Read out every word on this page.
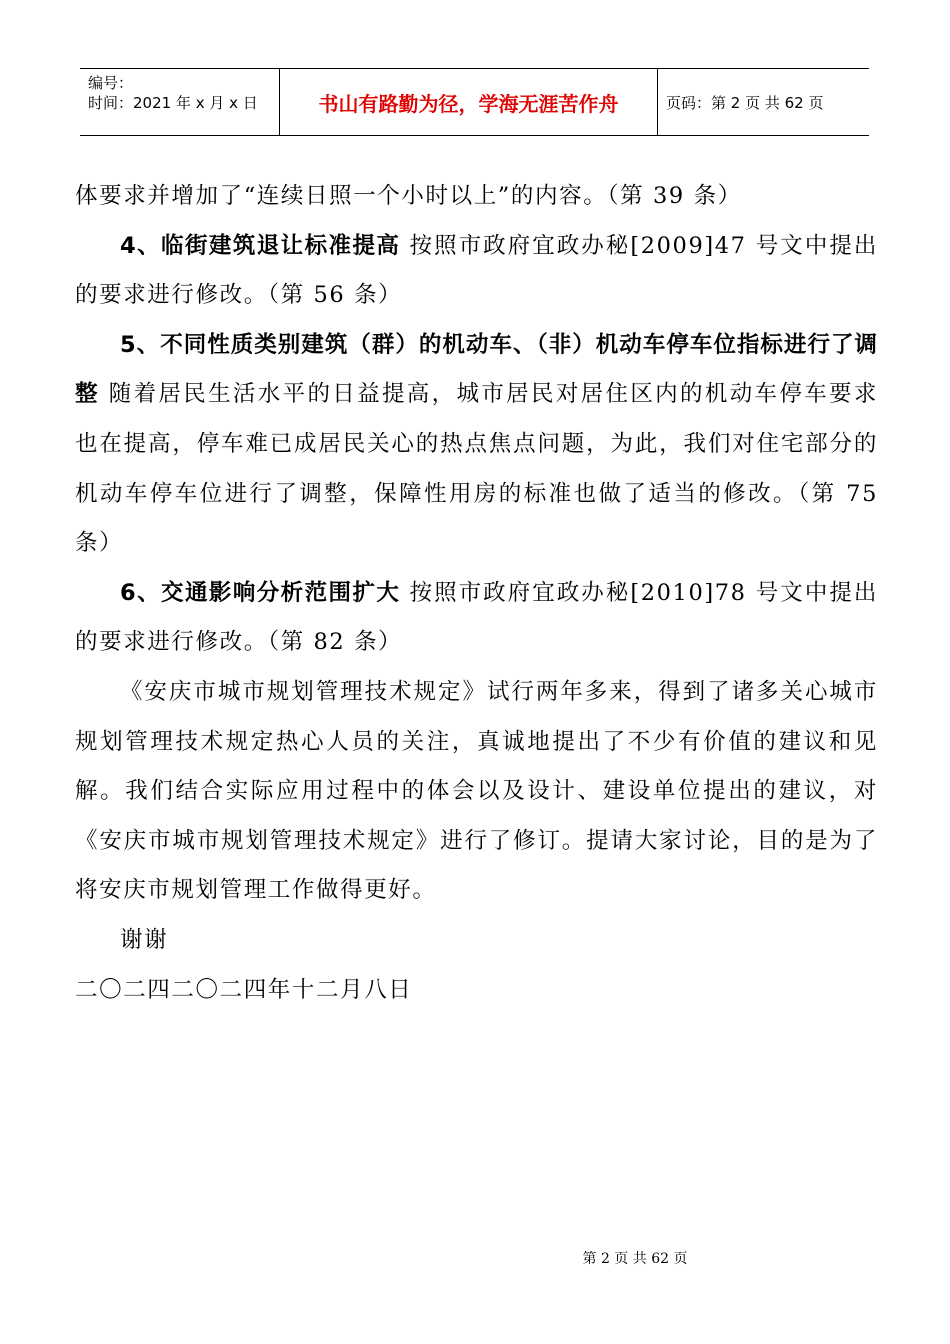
编号：
时间：2021 年 x 月 x 日	书山有路勤为径，学海无涯苦作舟	页码：第 2 页 共 62 页

体要求并增加了“连续日照一个小时以上”的内容。（第 39 条）

4、临街建筑退让标准提高 按照市政府宜政办秘[2009]47 号文中提出的要求进行修改。（第 56 条）

5、不同性质类别建筑（群）的机动车、（非）机动车停车位指标进行了调整 随着居民生活水平的日益提高，城市居民对居住区内的机动车停车要求也在提高，停车难已成居民关心的热点焦点问题，为此，我们对住宅部分的机动车停车位进行了调整，保障性用房的标准也做了适当的修改。（第 75 条）

6、交通影响分析范围扩大 按照市政府宜政办秘[2010]78 号文中提出的要求进行修改。（第 82 条）

《安庆市城市规划管理技术规定》试行两年多来，得到了诸多关心城市规划管理技术规定热心人员的关注，真诚地提出了不少有价值的建议和见解。我们结合实际应用过程中的体会以及设计、建设单位提出的建议，对《安庆市城市规划管理技术规定》进行了修订。提请大家讨论，目的是为了将安庆市规划管理工作做得更好。

谢谢

二〇二四二〇二四年十二月八日

第 2 页 共 62 页
